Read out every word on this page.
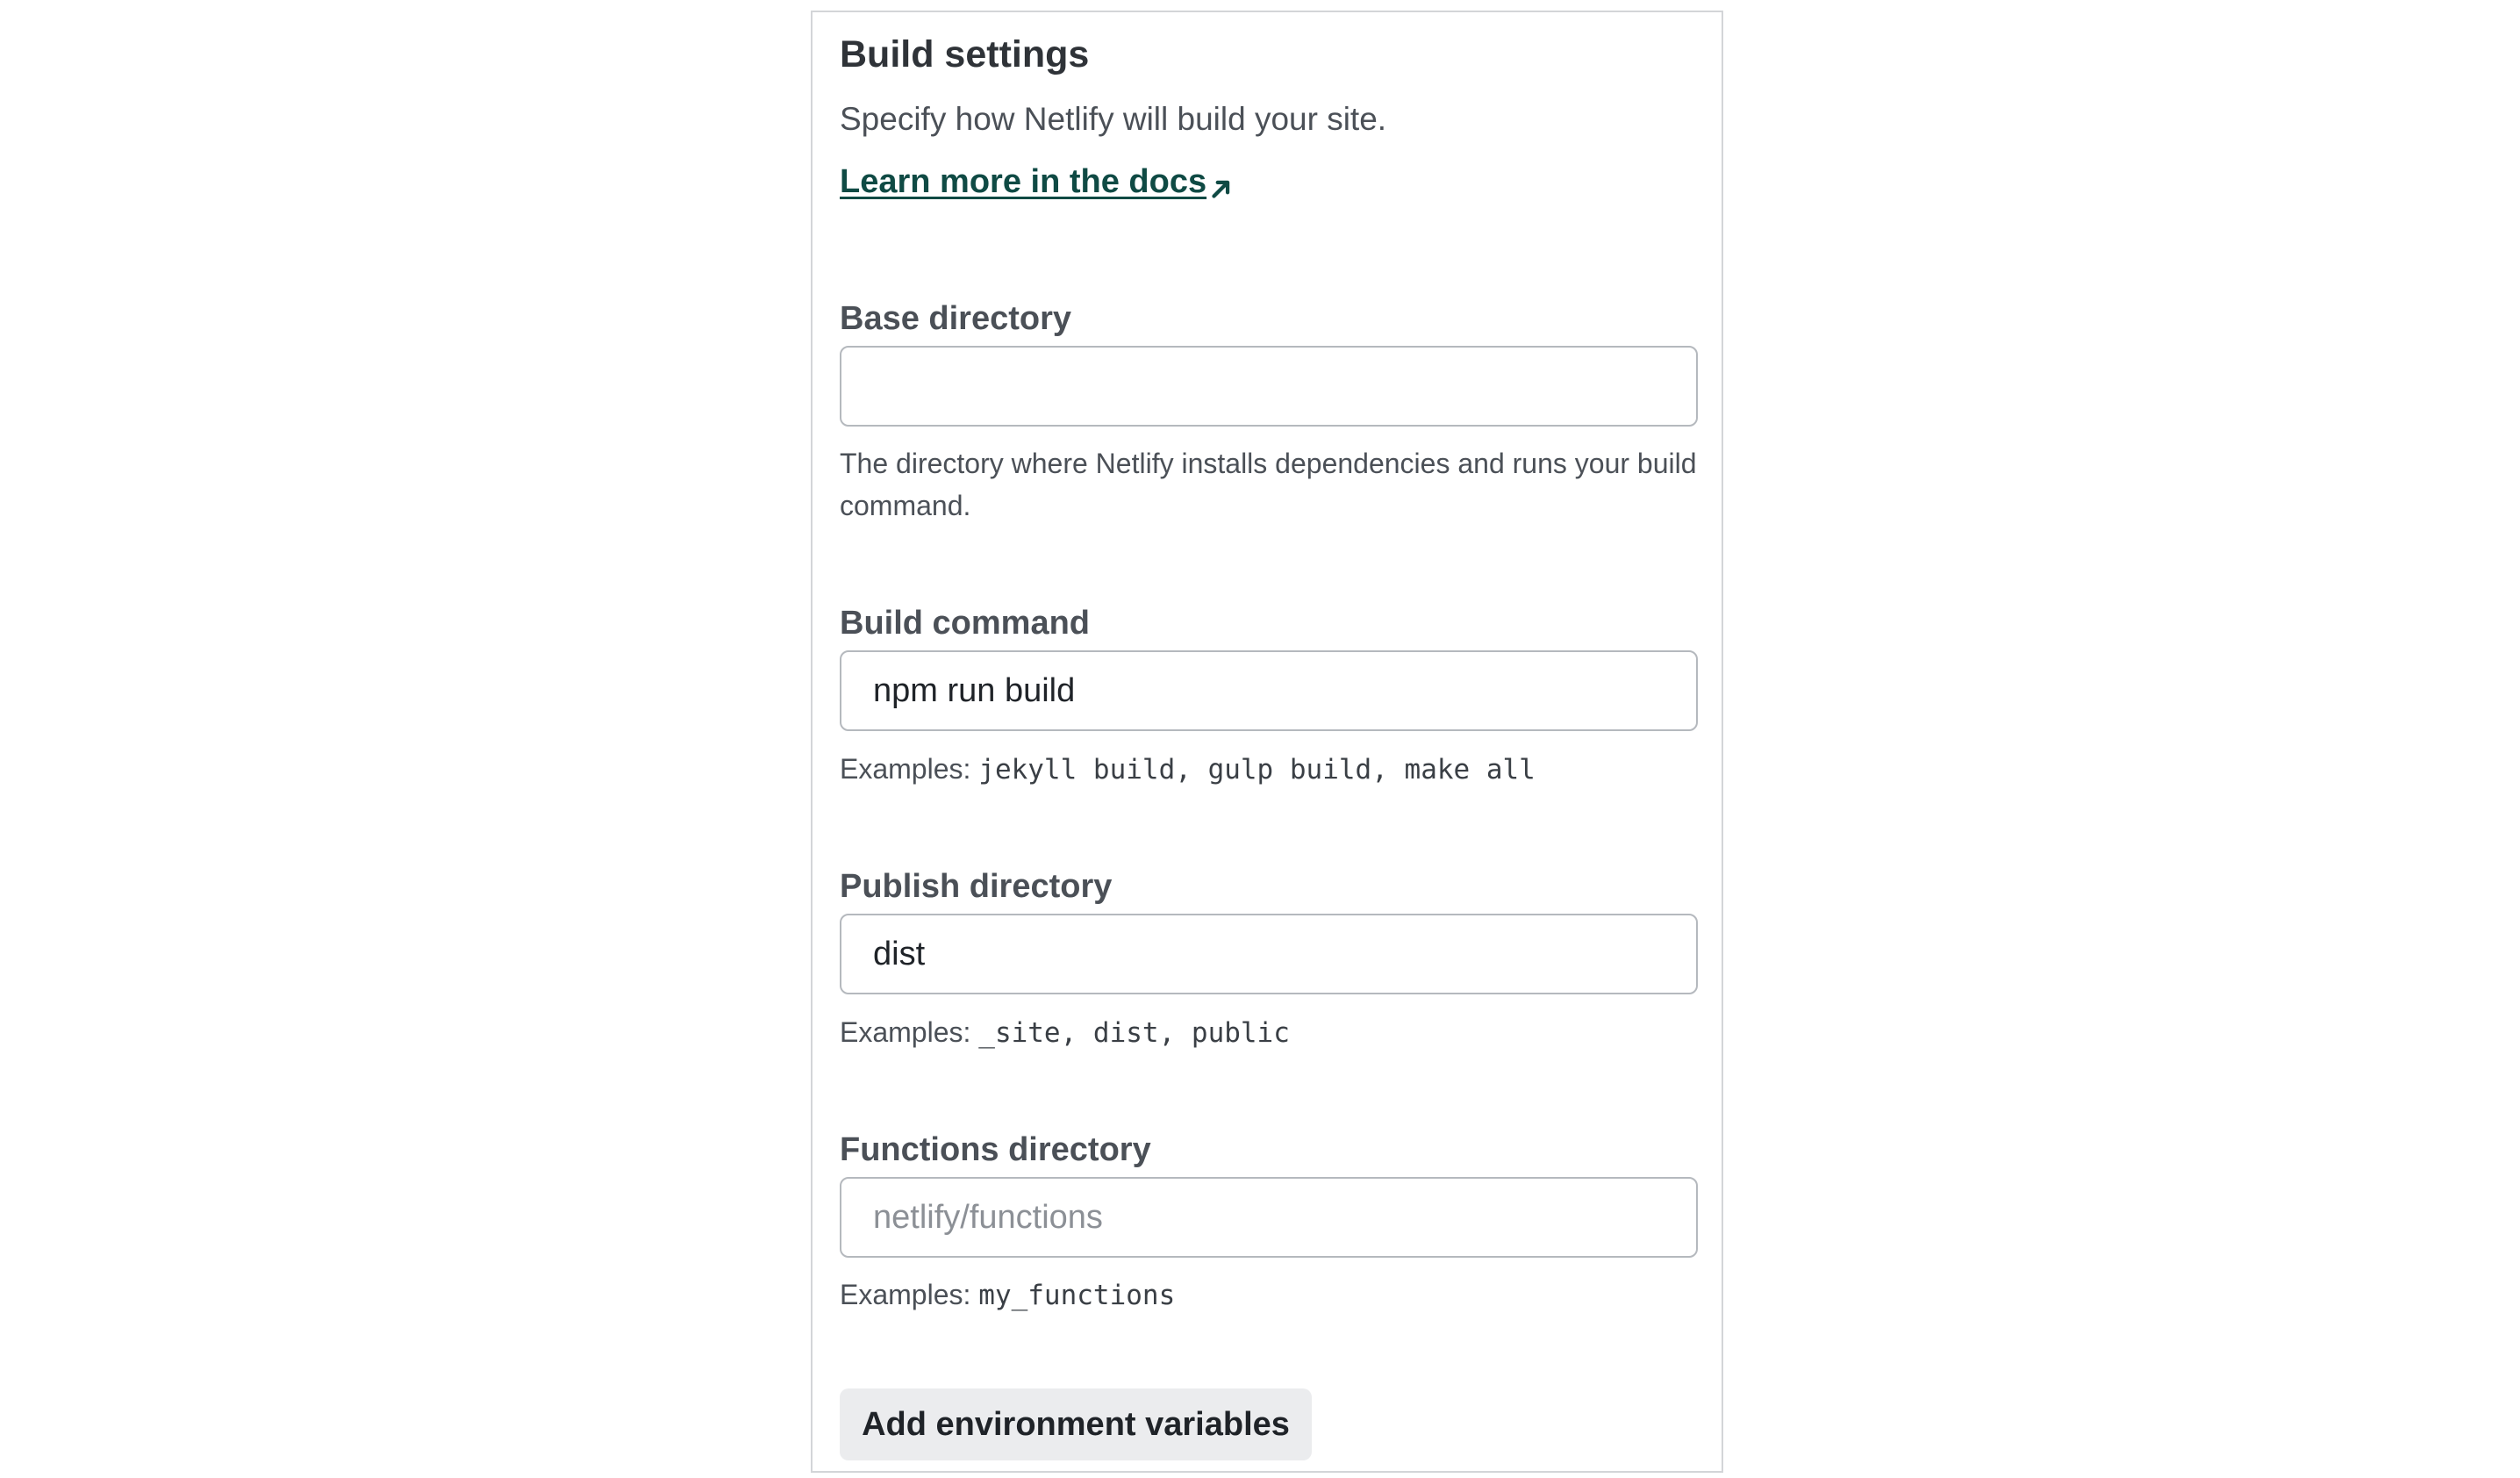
Build settings
Specify how Netlify will build your site.
Learn more in the docs
Base directory
The directory where Netlify installs dependencies and runs your build command.
Build command
npm run build
Examples: jekyll build, gulp build, make all
Publish directory
dist
Examples: _site, dist, public
Functions directory
netlify/functions
Examples: my_functions
Add environment variables
